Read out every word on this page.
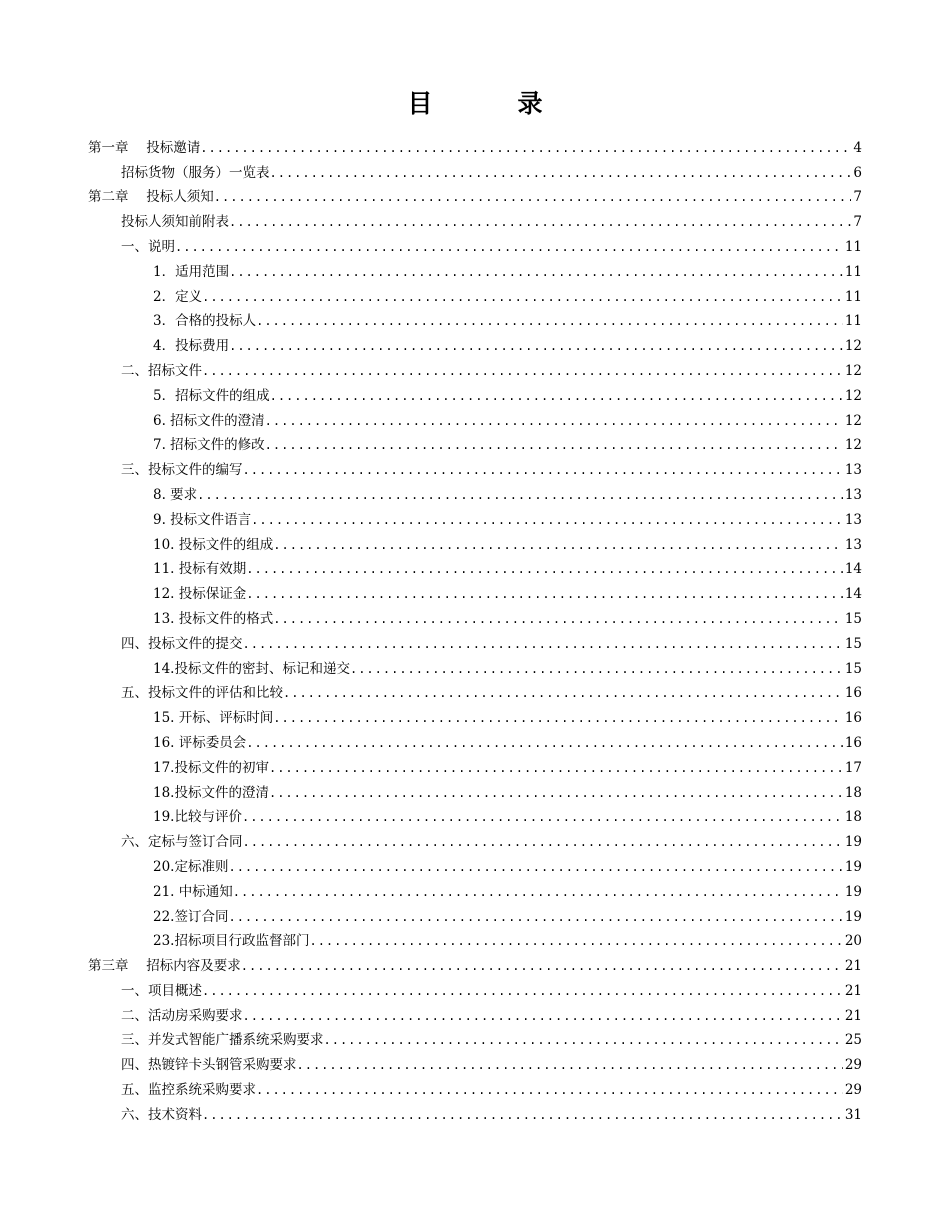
目　录
第一章　 投标邀请 .....	4
招标货物（服务）一览表 .....	6
第二章　 投标人须知 .....	7
投标人须知前附表 .....	7
一、说明 .....	11
1．适用范围 .....	11
2．定义 .....	11
3．合格的投标人 .....	11
4．投标费用 .....	12
二、招标文件 .....	12
5．招标文件的组成 .....	12
6. 招标文件的澄清 .....	12
7. 招标文件的修改 .....	12
三、投标文件的编写 .....	13
8. 要求 .....	13
9. 投标文件语言 .....	13
10. 投标文件的组成 .....	13
11. 投标有效期 .....	14
12. 投标保证金 .....	14
13. 投标文件的格式 .....	15
四、投标文件的提交 .....	15
14.投标文件的密封、标记和递交 .....	15
五、投标文件的评估和比较 .....	16
15. 开标、评标时间 .....	16
16. 评标委员会 .....	16
17.投标文件的初审 .....	17
18.投标文件的澄清 .....	18
19.比较与评价 .....	18
六、定标与签订合同 .....	19
20.定标准则 .....	19
21. 中标通知 .....	19
22.签订合同 .....	19
23.招标项目行政监督部门 .....	20
第三章　 招标内容及要求 .....	21
一、项目概述 .....	21
二、活动房采购要求 .....	21
三、并发式智能广播系统采购要求 .....	25
四、热镀锌卡头钢管采购要求 .....	29
五、监控系统采购要求 .....	29
六、技术资料 .....	31
